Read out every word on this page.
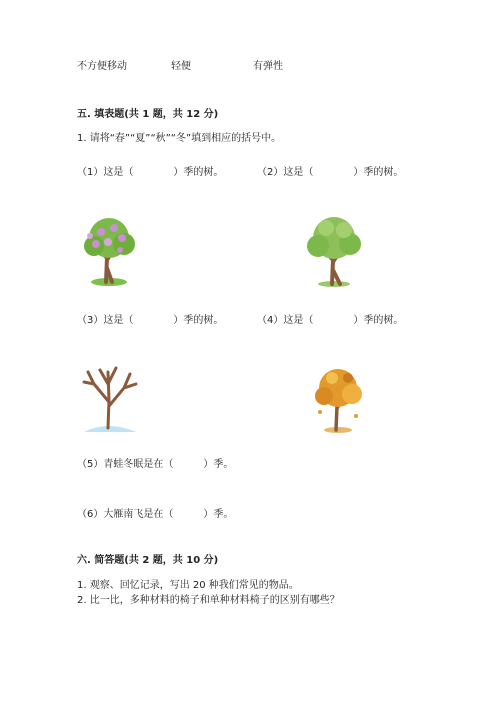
不方便移动	轻便	有弹性
五. 填表题(共 1 题，共 12 分)
1. 请将“春”“夏”“秋”“冬”填到相应的括号中。
（1）这是（　　　　）季的树。	（2）这是（　　　　）季的树。
（3）这是（　　　　）季的树。	（4）这是（　　　　）季的树。
（5）青蛙冬眠是在（　　　）季。
（6）大雁南飞是在（　　　）季。
六. 简答题(共 2 题，共 10 分)
1. 观察、回忆记录，写出 20 种我们常见的物品。
2. 比一比，多种材料的椅子和单种材料椅子的区别有哪些？
